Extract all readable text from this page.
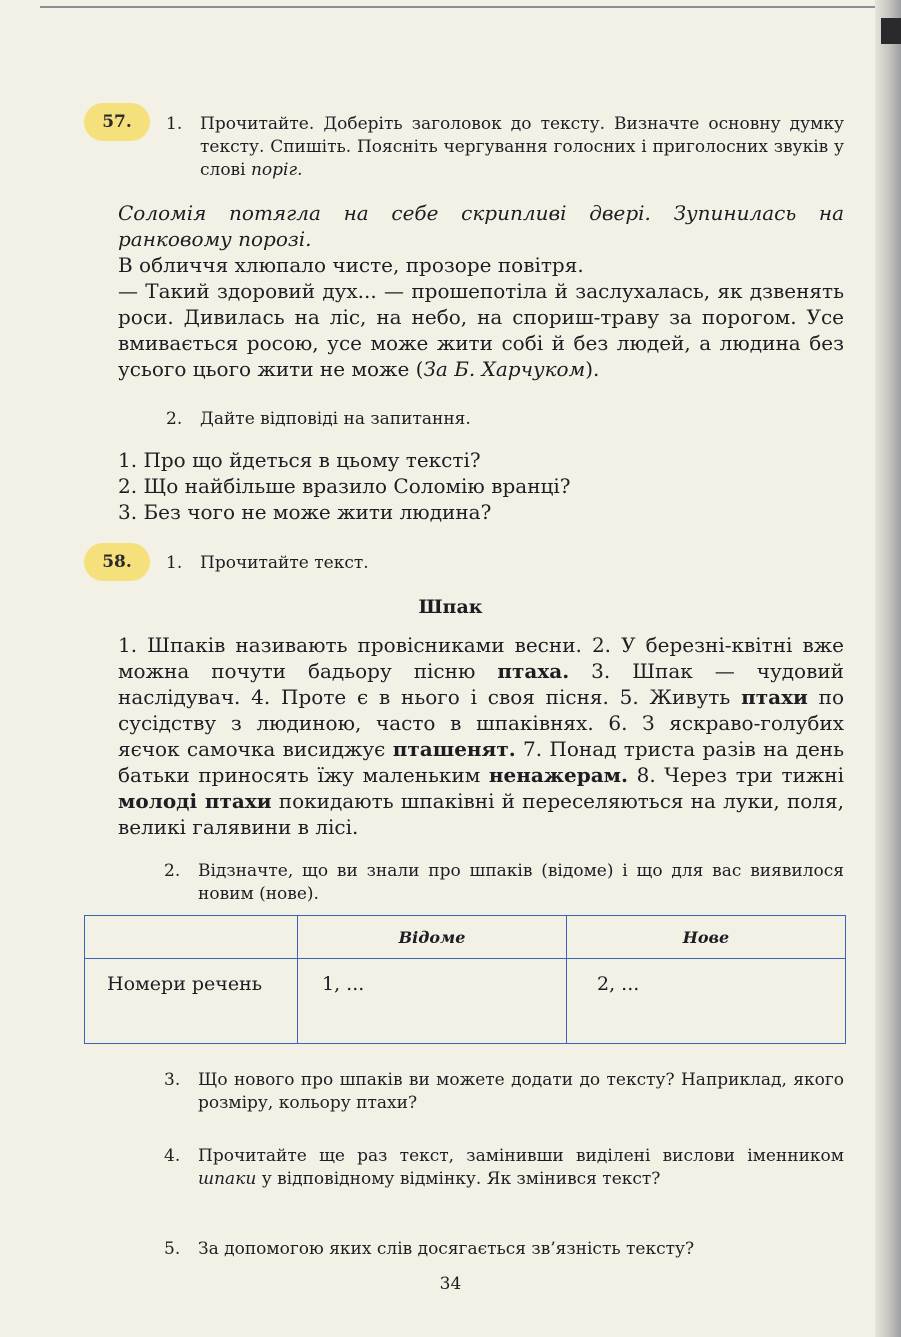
57.	1. Прочитайте. Доберіть заголовок до тексту. Визначте основну думку тексту. Спишіть. Поясніть чергування голосних і приголосних звуків у слові поріг.

Соломія потягла на себе скрипливі двері. Зупинилась на ранковому порозі.

В обличчя хлюпало чисте, прозоре повітря.

— Такий здоровий дух... — прошепотіла й заслухалась, як дзвенять роси. Дивилась на ліс, на небо, на спориш-траву за порогом. Усе вмивається росою, усе може жити собі й без людей, а людина без усього цього жити не може (За Б. Харчуком).

2. Дайте відповіді на запитання.
1. Про що йдеться в цьому тексті?
2. Що найбільше вразило Соломію вранці?
3. Без чого не може жити людина?
58.	1. Прочитайте текст.
Шпак

1. Шпаків називають провісниками весни. 2. У березні-квітні вже можна почути бадьору пісню птаха. 3. Шпак — чудовий наслідувач. 4. Проте є в нього і своя пісня. 5. Живуть птахи по сусідству з людиною, часто в шпаківнях. 6. З яскраво-голубих яєчок самочка висиджує пташенят. 7. Понад триста разів на день батьки приносять їжу маленьким ненажерам. 8. Через три тижні молоді птахи покидають шпаківні й переселяються на луки, поля, великі галявини в лісі.

2. Відзначте, що ви знали про шпаків (відоме) і що для вас виявилося новим (нове).
	Відоме	Нове
Номери речень	1, ...	2, ...
3. Що нового про шпаків ви можете додати до тексту? Наприклад, якого розміру, кольору птахи?
4. Прочитайте ще раз текст, замінивши виділені вислови іменником шпаки у відповідному відмінку. Як змінився текст?
5. За допомогою яких слів досягається зв’язність тексту?
34
